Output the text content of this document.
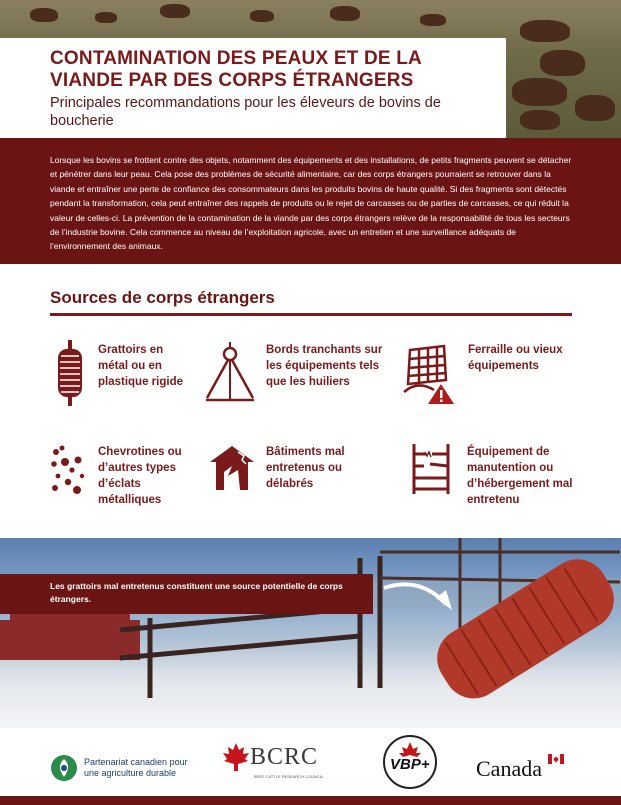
CONTAMINATION DES PEAUX ET DE LA VIANDE PAR DES CORPS ÉTRANGERS
Principales recommandations pour les éleveurs de bovins de boucherie

Lorsque les bovins se frottent contre des objets, notamment des équipements et des installations, de petits fragments peuvent se détacher et pénétrer dans leur peau. Cela pose des problèmes de sécurité alimentaire, car des corps étrangers pourraient se retrouver dans la viande et entraîner une perte de confiance des consommateurs dans les produits bovins de haute qualité. Si des fragments sont détectés pendant la transformation, cela peut entraîner des rappels de produits ou le rejet de carcasses ou de parties de carcasses, ce qui réduit la valeur de celles-ci. La prévention de la contamination de la viande par des corps étrangers relève de la responsabilité de tous les secteurs de l’industrie bovine. Cela commence au niveau de l’exploitation agricole, avec un entretien et une surveillance adéquats de l’environnement des animaux.

Sources de corps étrangers
Grattoirs en métal ou en plastique rigide
Bords tranchants sur les équipements tels que les huiliers
Ferraille ou vieux équipements
Chevrotines ou d’autres types d’éclats métalliques
Bâtiments mal entretenus ou délabrés
Équipement de manutention ou d’hébergement mal entretenu
Les grattoirs mal entretenus constituent une source potentielle de corps étrangers.
Partenariat canadien pour
une agriculture durable
BCRC
BEEF CATTLE RESEARCH COUNCIL
VBP+ Canada
